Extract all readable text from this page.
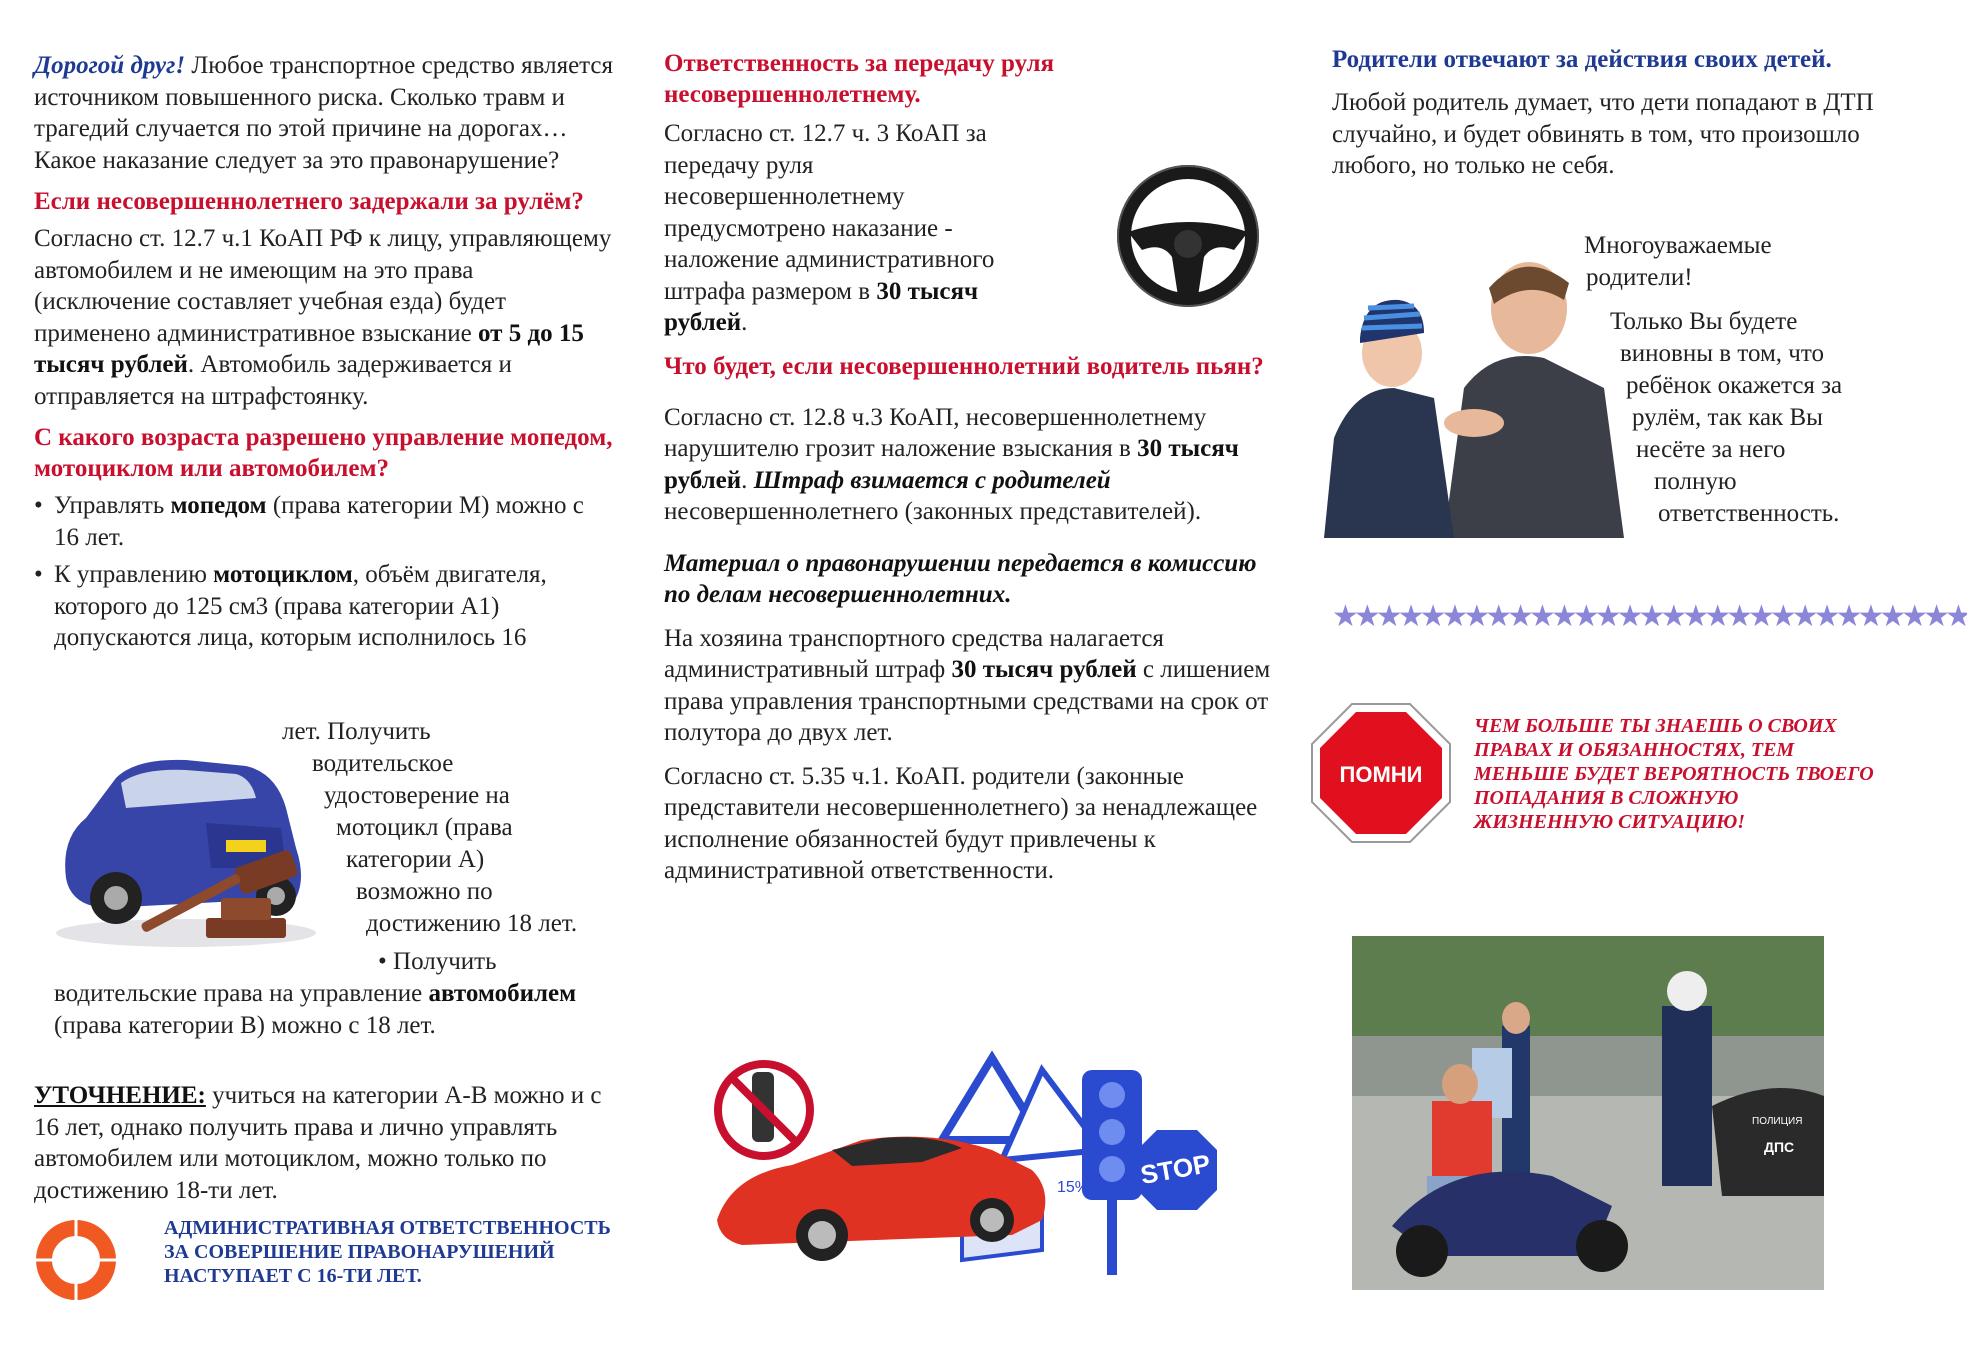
Дорогой друг! Любое транспортное средство является источником повышенного риска. Сколько травм и трагедий случается по этой причине на дорогах… Какое наказание следует за это правонарушение?

Если несовершеннолетнего задержали за рулём?

Согласно ст. 12.7 ч.1 КоАП РФ к лицу, управляющему автомобилем и не имеющим на это права (исключение составляет учебная езда) будет применено административное взыскание от 5 до 15 тысяч рублей. Автомобиль задерживается и отправляется на штрафстоянку.

С какого возраста разрешено управление мопедом, мотоциклом или автомобилем?

• Управлять мопедом (права категории М) можно с 16 лет.
• К управлению мотоциклом, объём двигателя, которого до 125 см3 (права категории А1) допускаются лица, которым исполнилось 16
лет. Получить
водительское
удостоверение на
мотоцикл (права
категории А)
возможно по
достижению 18 лет.
• Получить
водительские права на управление автомобилем (права категории В) можно с 18 лет.
УТОЧНЕНИЕ: учиться на категории А-В можно и с 16 лет, однако получить права и лично управлять автомобилем или мотоциклом, можно только по достижению 18-ти лет.
АДМИНИСТРАТИВНАЯ ОТВЕТСТВЕННОСТЬ ЗА СОВЕРШЕНИЕ ПРАВОНАРУШЕНИЙ НАСТУПАЕТ С 16-ТИ ЛЕТ.

Ответственность за передачу руля несовершеннолетнему.

Согласно ст. 12.7 ч. 3 КоАП за передачу руля несовершеннолетнему предусмотрено наказание - наложение административного штрафа размером в 30 тысяч рублей.

Что будет, если несовершеннолетний водитель пьян?

Согласно ст. 12.8 ч.3 КоАП, несовершеннолетнему нарушителю грозит наложение взыскания в 30 тысяч рублей. Штраф взимается с родителей несовершеннолетнего (законных представителей).

Материал о правонарушении передается в комиссию по делам несовершеннолетних.

На хозяина транспортного средства налагается административный штраф 30 тысяч рублей с лишением права управления транспортными средствами на срок от полутора до двух лет.

Согласно ст. 5.35 ч.1. КоАП. родители (законные представители несовершеннолетнего) за ненадлежащее исполнение обязанностей будут привлечены к административной ответственности.

STOP
15%

Родители отвечают за действия своих детей.

Любой родитель думает, что дети попадают в ДТП случайно, и будет обвинять в том, что произошло любого, но только не себя.

Многоуважаемые
родители!
Только Вы будете
виновны в том, что
ребёнок окажется за
рулём, так как Вы
несёте за него
полную
ответственность.
★★★★★★★★★★★★★★★★★★★★★★★★★★★★★
ПОМНИ
ЧЕМ БОЛЬШЕ ТЫ ЗНАЕШЬ О СВОИХ ПРАВАХ И ОБЯЗАННОСТЯХ, ТЕМ МЕНЬШЕ БУДЕТ ВЕРОЯТНОСТЬ ТВОЕГО ПОПАДАНИЯ В СЛОЖНУЮ ЖИЗНЕННУЮ СИТУАЦИЮ!
ПОЛИЦИЯ
ДПС
